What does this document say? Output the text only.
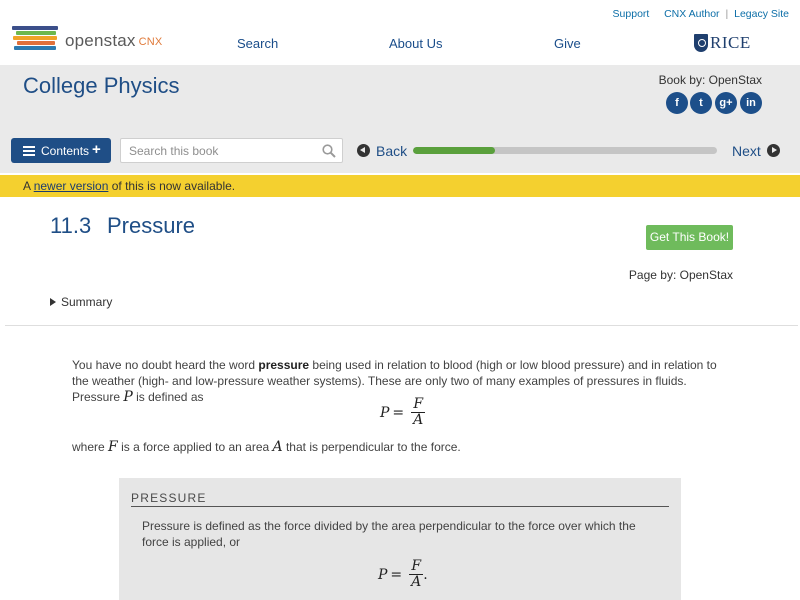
openstax CNX
Support CNX Author | Legacy Site
Search	About Us	Give	RICE
College Physics	Book by: OpenStax
f	t	g+	in
Contents +
Search this book	Back	Next
A newer version of this is now available.
11.3 Pressure	Get This Book!
Page by: OpenStax
Summary
You have no doubt heard the word pressure being used in relation to blood (high or low blood pressure) and in relation to the weather (high- and low-pressure weather systems). These are only two of many examples of pressures in fluids. Pressure P is defined as
$P = \frac{F}{A}$
where F is a force applied to an area A that is perpendicular to the force.
PRESSURE
Pressure is defined as the force divided by the area perpendicular to the force over which the force is applied, or
$P = \frac{F}{A}$ .
